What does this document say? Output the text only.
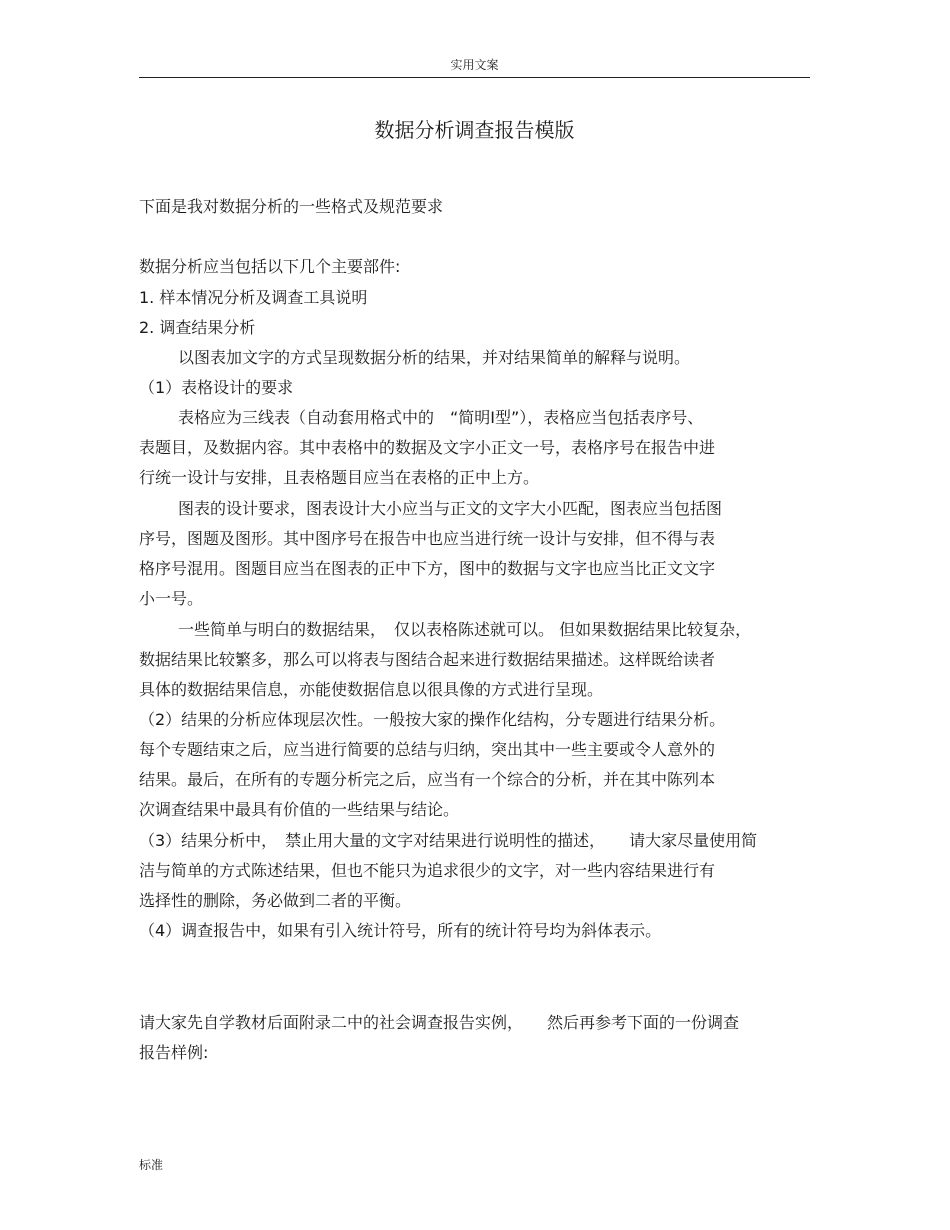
实用文案
数据分析调查报告模版
下面是我对数据分析的一些格式及规范要求
数据分析应当包括以下几个主要部件:
1. 样本情况分析及调查工具说明
2. 调查结果分析
以图表加文字的方式呈现数据分析的结果，并对结果简单的解释与说明。
（1）表格设计的要求
表格应为三线表（自动套用格式中的　“简明Ⅰ型”），表格应当包括表序号、
表题目，及数据内容。其中表格中的数据及文字小正文一号，表格序号在报告中进
行统一设计与安排，且表格题目应当在表格的正中上方。
图表的设计要求，图表设计大小应当与正文的文字大小匹配，图表应当包括图
序号，图题及图形。其中图序号在报告中也应当进行统一设计与安排，但不得与表
格序号混用。图题目应当在图表的正中下方，图中的数据与文字也应当比正文文字
小一号。
一些简单与明白的数据结果，　仅以表格陈述就可以。 但如果数据结果比较复杂，
数据结果比较繁多，那么可以将表与图结合起来进行数据结果描述。这样既给读者
具体的数据结果信息，亦能使数据信息以很具像的方式进行呈现。
（2）结果的分析应体现层次性。一般按大家的操作化结构，分专题进行结果分析。
每个专题结束之后，应当进行简要的总结与归纳，突出其中一些主要或令人意外的
结果。最后，在所有的专题分析完之后，应当有一个综合的分析，并在其中陈列本
次调查结果中最具有价值的一些结果与结论。
（3）结果分析中，　禁止用大量的文字对结果进行说明性的描述，　　请大家尽量使用简
洁与简单的方式陈述结果，但也不能只为追求很少的文字，对一些内容结果进行有
选择性的删除，务必做到二者的平衡。
（4）调查报告中，如果有引入统计符号，所有的统计符号均为斜体表示。
请大家先自学教材后面附录二中的社会调查报告实例，　　然后再参考下面的一份调查
报告样例:
标准
